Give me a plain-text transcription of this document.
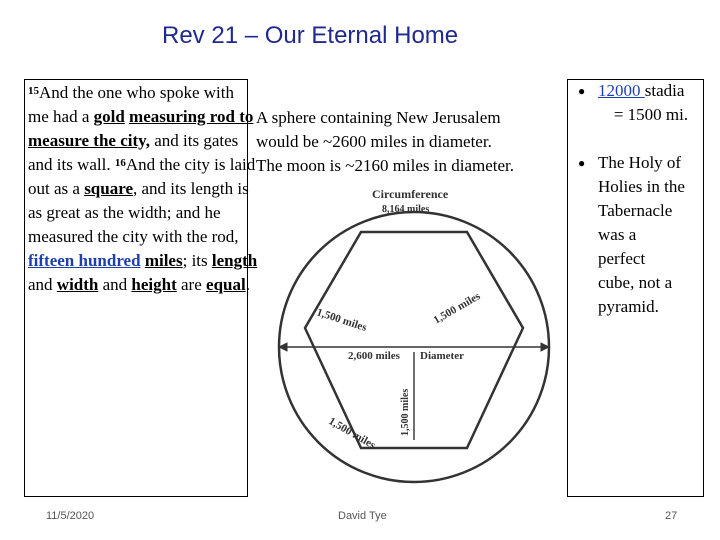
Rev 21 – Our Eternal Home
$^{15}$And the one who spoke with me had a gold measuring rod to measure the city, and its gates and its wall. $^{16}$And the city is laid out as a square, and its length is as great as the width; and he measured the city with the rod, fifteen hundred miles; its length and width and height are equal.
A sphere containing New Jerusalem
would be ~2600 miles in diameter.
The moon is ~2160 miles in diameter.
Circumference
8,164 miles
1,500 miles	1,500 miles
2,600 miles Diameter
1,500 miles
1,500 miles
● 12000 stadia
= 1500 mi.
● The Holy of
Holies in the
Tabernacle
was a
perfect
cube, not a
pyramid.
11/5/2020	David Tye	27
